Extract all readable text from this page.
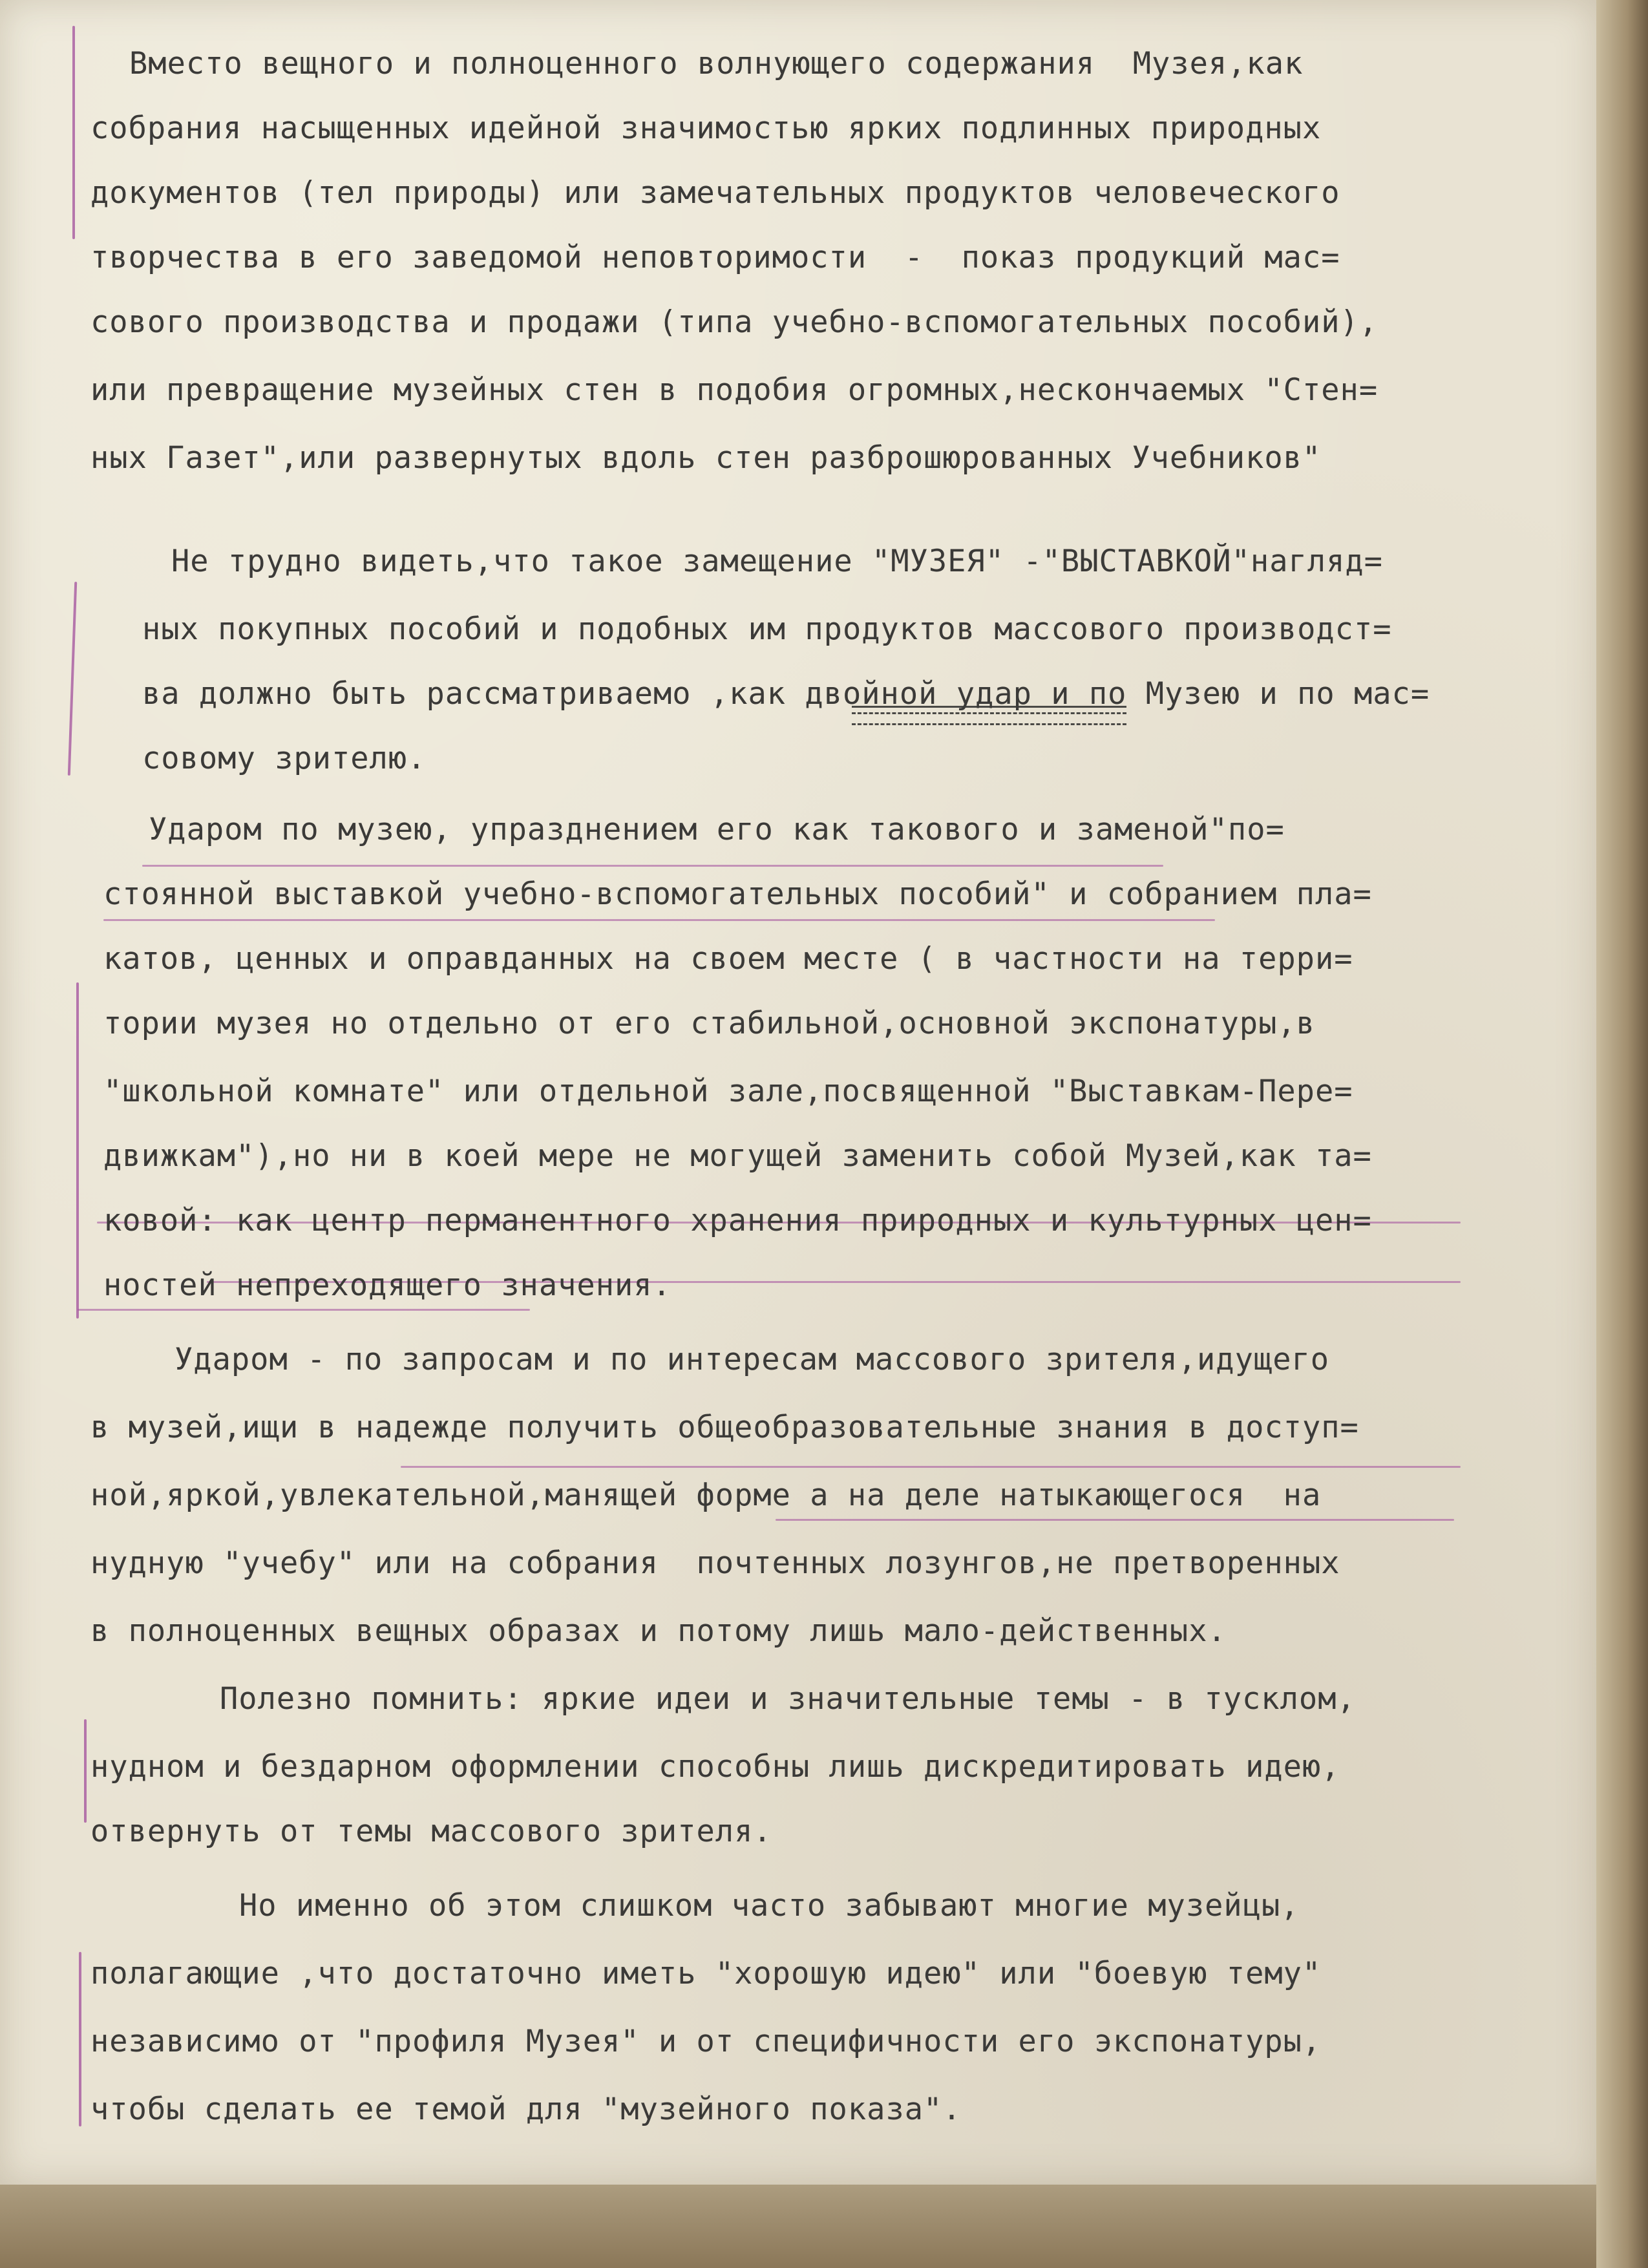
Вместо вещного и полноценного волнующего содержания  Музея,как
собрания насыщенных идейной значимостью ярких подлинных природных
документов (тел природы) или замечательных продуктов человеческого
творчества в его заведомой неповторимости  -  показ продукций мас=
сового производства и продажи (типа учебно-вспомогательных пособий),
или превращение музейных стен в подобия огромных,нескончаемых "Стен=
ных Газет",или развернутых вдоль стен разброшюрованных Учебников"
Не трудно видеть,что такое замещение "МУЗЕЯ" -"ВЫСТАВКОЙ"нагляд=
ных покупных пособий и подобных им продуктов массового производст=
ва должно быть рассматриваемо ,как двойной удар и по Музею и по мас=
совому зрителю.
Ударом по музею, упразднением его как такового и заменой"по=
стоянной выставкой учебно-вспомогательных пособий" и собранием пла=
катов, ценных и оправданных на своем месте ( в частности на терри=
тории музея но отдельно от его стабильной,основной экспонатуры,в
"школьной комнате" или отдельной зале,посвященной "Выставкам-Пере=
движкам"),но ни в коей мере не могущей заменить собой Музей,как та=
ковой: как центр перманентного хранения природных и культурных цен=
ностей непреходящего значения.
Ударом - по запросам и по интересам массового зрителя,идущего
в музей,ищи в надежде получить общеобразовательные знания в доступ=
ной,яркой,увлекательной,манящей форме а на деле натыкающегося  на
нудную "учебу" или на собрания  почтенных лозунгов,не претворенных
в полноценных вещных образах и потому лишь мало-действенных.
Полезно помнить: яркие идеи и значительные темы - в тусклом,
нудном и бездарном оформлении способны лишь дискредитировать идею,
отвернуть от темы массового зрителя.
Но именно об этом слишком часто забывают многие музейцы,
полагающие ,что достаточно иметь "хорошую идею" или "боевую тему"
независимо от "профиля Музея" и от специфичности его экспонатуры,
чтобы сделать ее темой для "музейного показа".
